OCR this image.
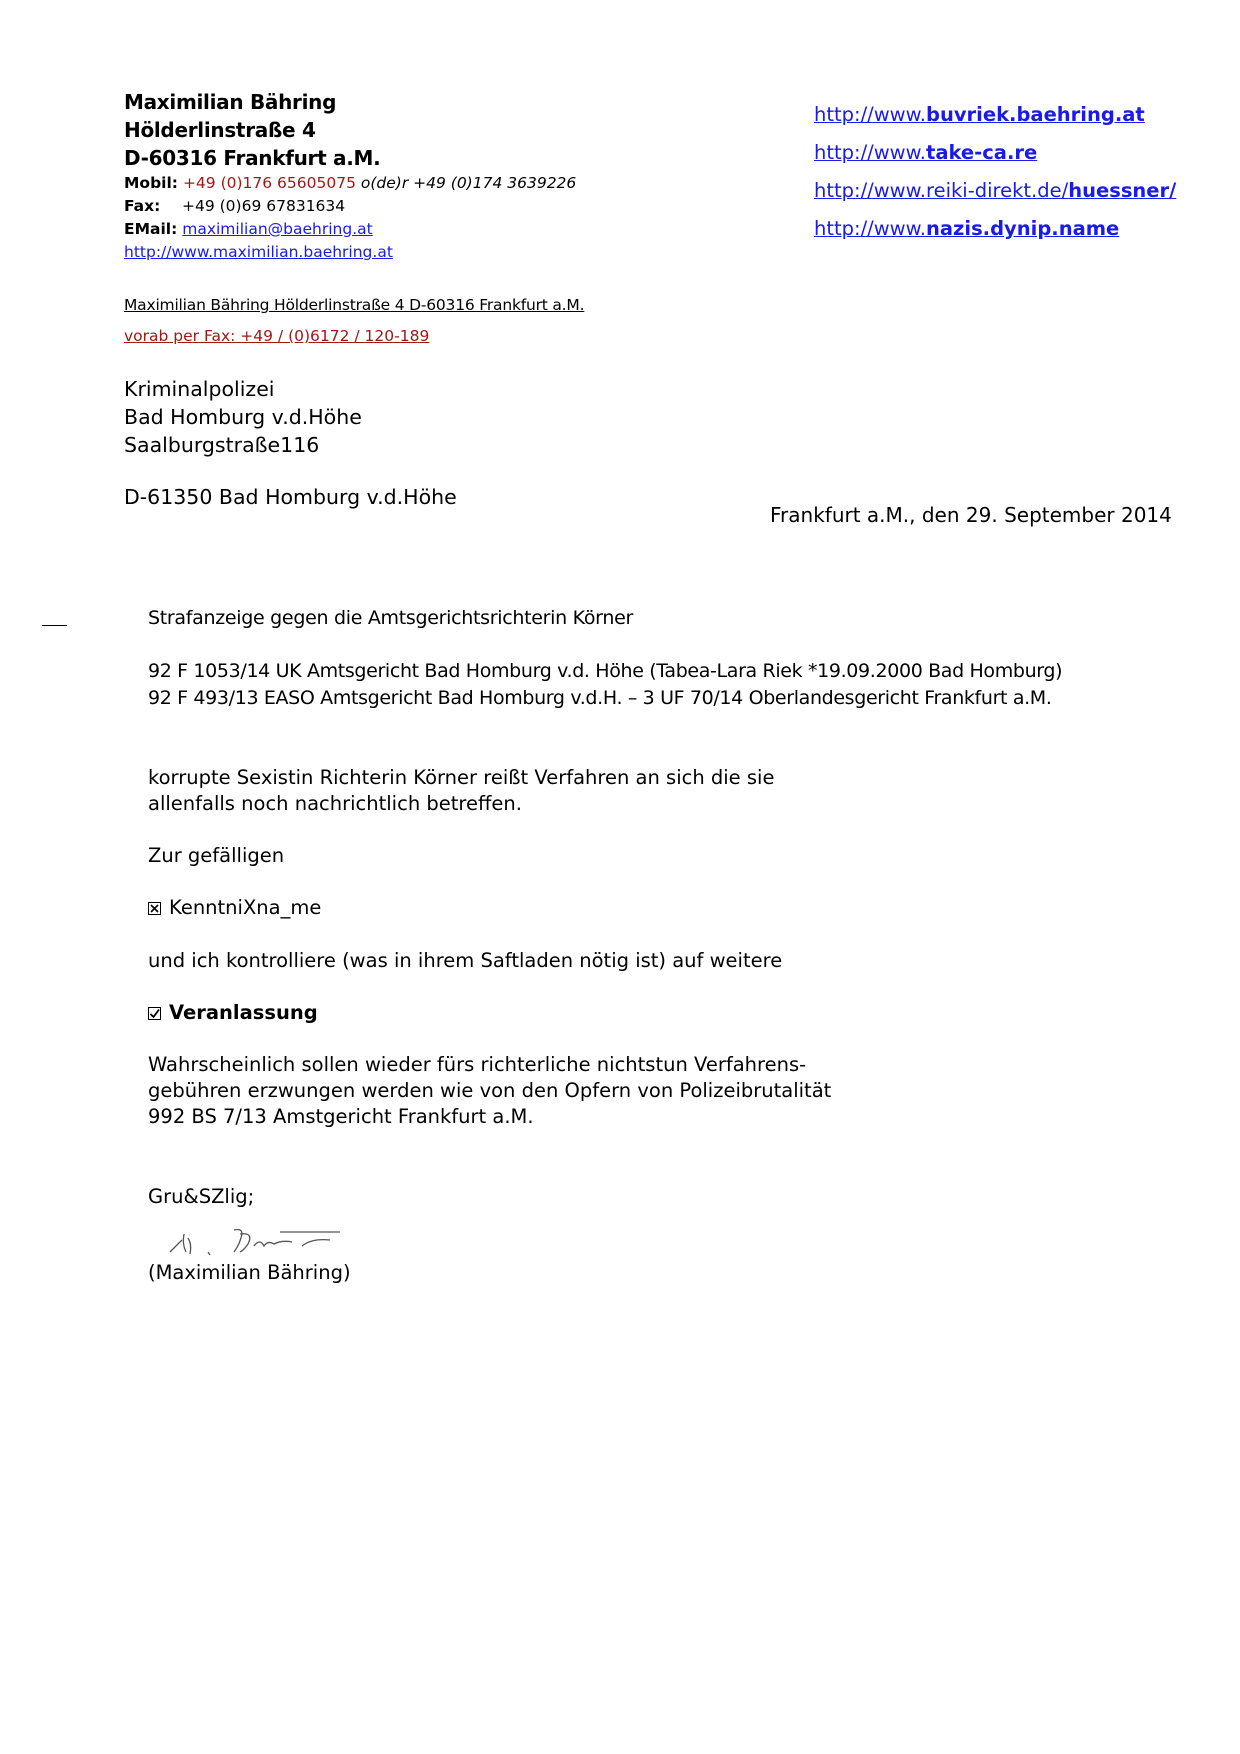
Maximilian Bähring
Hölderlinstraße 4
D-60316 Frankfurt a.M.
Mobil: +49 (0)176 65605075 o(de)r +49 (0)174 3639226
Fax: +49 (0)69 67831634
EMail: maximilian@baehring.at
http://www.maximilian.baehring.at
http://www.buvriek.baehring.at
http://www.take-ca.re
http://www.reiki-direkt.de/huessner/
http://www.nazis.dynip.name
Maximilian Bähring Hölderlinstraße 4 D-60316 Frankfurt a.M.
vorab per Fax: +49 / (0)6172 / 120-189
Kriminalpolizei
Bad Homburg v.d.Höhe
Saalburgstraße116
D-61350 Bad Homburg v.d.Höhe
Frankfurt a.M., den 29. September 2014
Strafanzeige gegen die Amtsgerichtsrichterin Körner
92 F 1053/14 UK Amtsgericht Bad Homburg v.d. Höhe (Tabea-Lara Riek *19.09.2000 Bad Homburg)
92 F 493/13 EASO Amtsgericht Bad Homburg v.d.H. – 3 UF 70/14 Oberlandesgericht Frankfurt a.M.
korrupte Sexistin Richterin Körner reißt Verfahren an sich die sie
allenfalls noch nachrichtlich betreffen.
Zur gefälligen
KenntniXna_me
und ich kontrolliere (was in ihrem Saftladen nötig ist) auf weitere
Veranlassung
Wahrscheinlich sollen wieder fürs richterliche nichtstun Verfahrens-
gebühren erzwungen werden wie von den Opfern von Polizeibrutalität
992 BS 7/13 Amstgericht Frankfurt a.M.
Gru&SZlig;
(Maximilian Bähring)
